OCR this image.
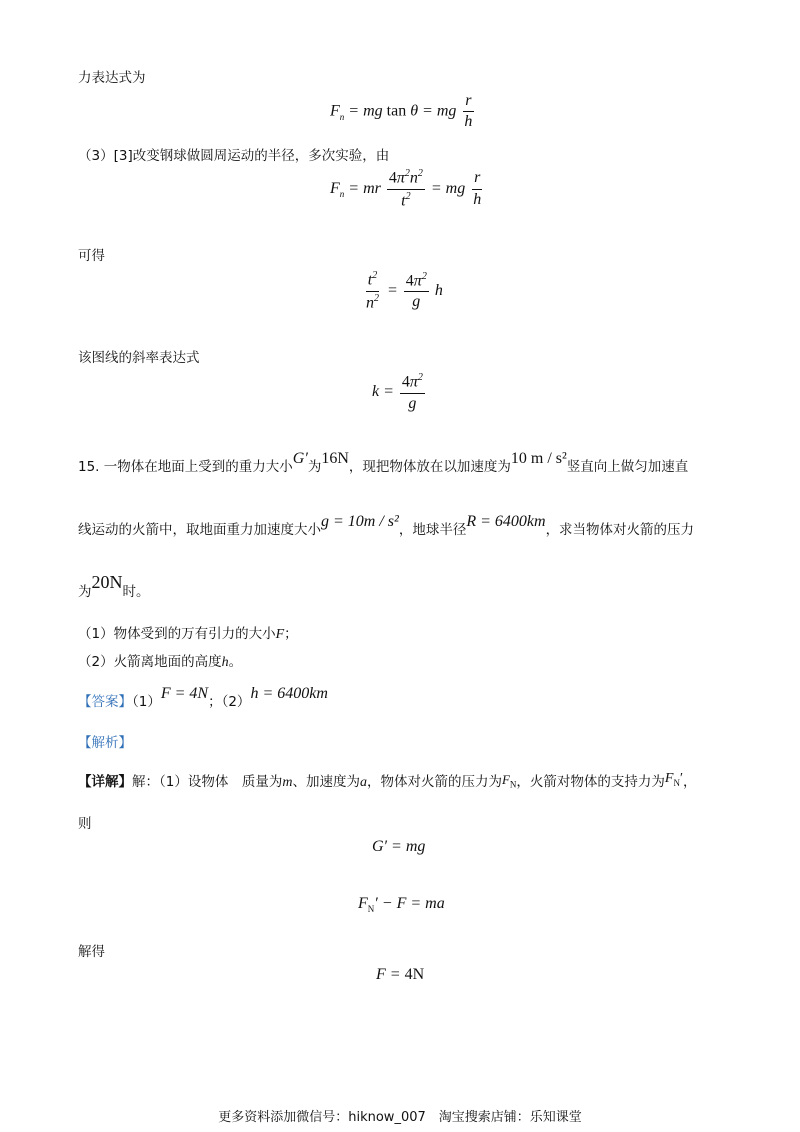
力表达式为
$F_n$ = mg tan θ = mg $\frac{r}{h}$
（3）[3]改变钢球做圆周运动的半径，多次实验，由
$F_n$ = mr $\frac{4\pi^2n^2}{t^2}$ = mg $\frac{r}{h}$
可得
$\frac{t^2}{n^2} = \frac{4\pi^2}{g}$ h
该图线的斜率表达式
$k = \frac{4\pi^2}{g}$
15. 一物体在地面上受到的重力大小G′为16N，现把物体放在以加速度为10 m / s²竖直向上做匀加速直
线运动的火箭中，取地面重力加速度大小g = 10m / s²，地球半径R = 6400km，求当物体对火箭的压力
为20N时。
（1）物体受到的万有引力的大小F；
（2）火箭离地面的高度h。
【答案】（1）F = 4N；（2）h = 6400km
【解析】
【详解】解：（1）设物体　质量为m、加速度为a，物体对火箭的压力为$F_N$，火箭对物体的支持力为$F_N'$，
则
G′ = mg
$F_N' - F$ = ma
解得
F = 4N
更多资料添加微信号：hiknow_007　淘宝搜索店铺：乐知课堂
